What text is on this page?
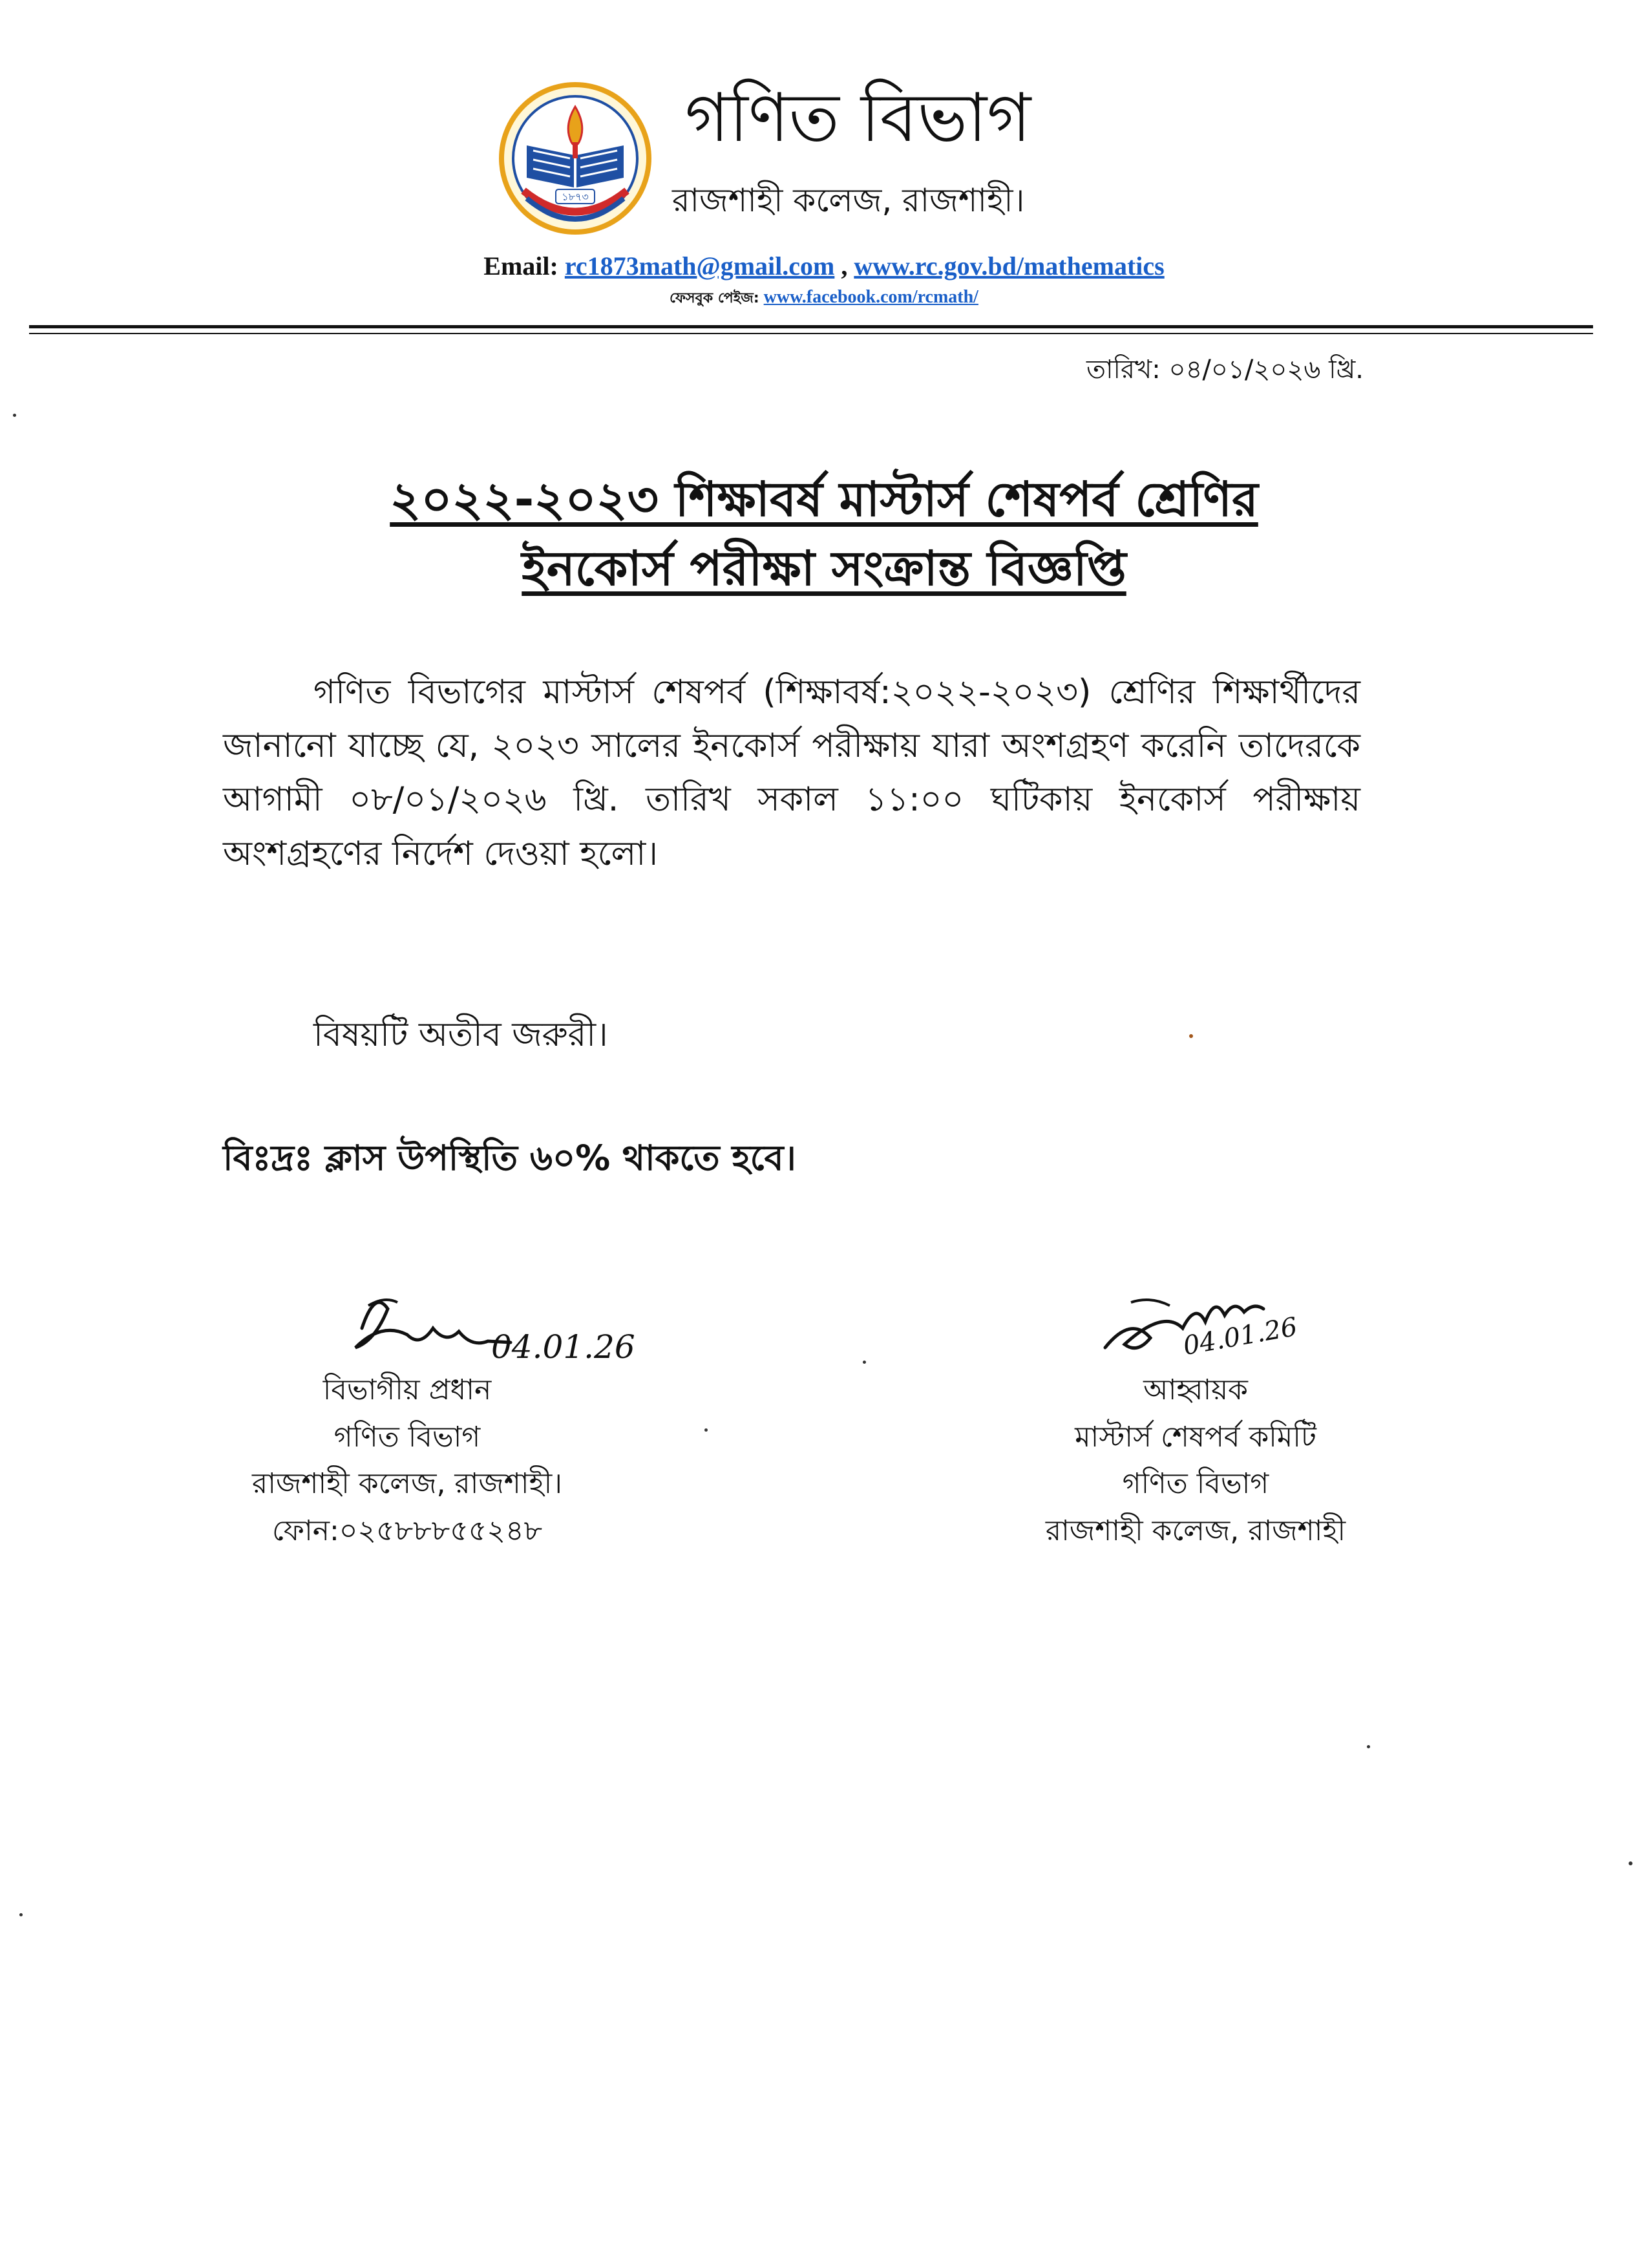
১৮৭৩
গণিত বিভাগ
রাজশাহী কলেজ, রাজশাহী।
Email: rc1873math@gmail.com , www.rc.gov.bd/mathematics
ফেসবুক পেইজ: www.facebook.com/rcmath/
তারিখ: ০৪/০১/২০২৬ খ্রি.
২০২২-২০২৩ শিক্ষাবর্ষ মাস্টার্স শেষপর্ব শ্রেণির
ইনকোর্স পরীক্ষা সংক্রান্ত বিজ্ঞপ্তি
গণিত বিভাগের মাস্টার্স শেষপর্ব (শিক্ষাবর্ষ:২০২২-২০২৩) শ্রেণির শিক্ষার্থীদের জানানো যাচ্ছে যে, ২০২৩ সালের ইনকোর্স পরীক্ষায় যারা অংশগ্রহণ করেনি তাদেরকে আগামী ০৮/০১/২০২৬ খ্রি. তারিখ সকাল ১১:০০ ঘটিকায় ইনকোর্স পরীক্ষায় অংশগ্রহণের নির্দেশ দেওয়া হলো।
বিষয়টি অতীব জরুরী।
বিঃদ্রঃ ক্লাস উপস্থিতি ৬০% থাকতে হবে।
04.01.26	04.01.26
বিভাগীয় প্রধান
গণিত বিভাগ
রাজশাহী কলেজ, রাজশাহী।
ফোন:০২৫৮৮৮৫৫২৪৮
আহ্বায়ক
মাস্টার্স শেষপর্ব কমিটি
গণিত বিভাগ
রাজশাহী কলেজ, রাজশাহী
